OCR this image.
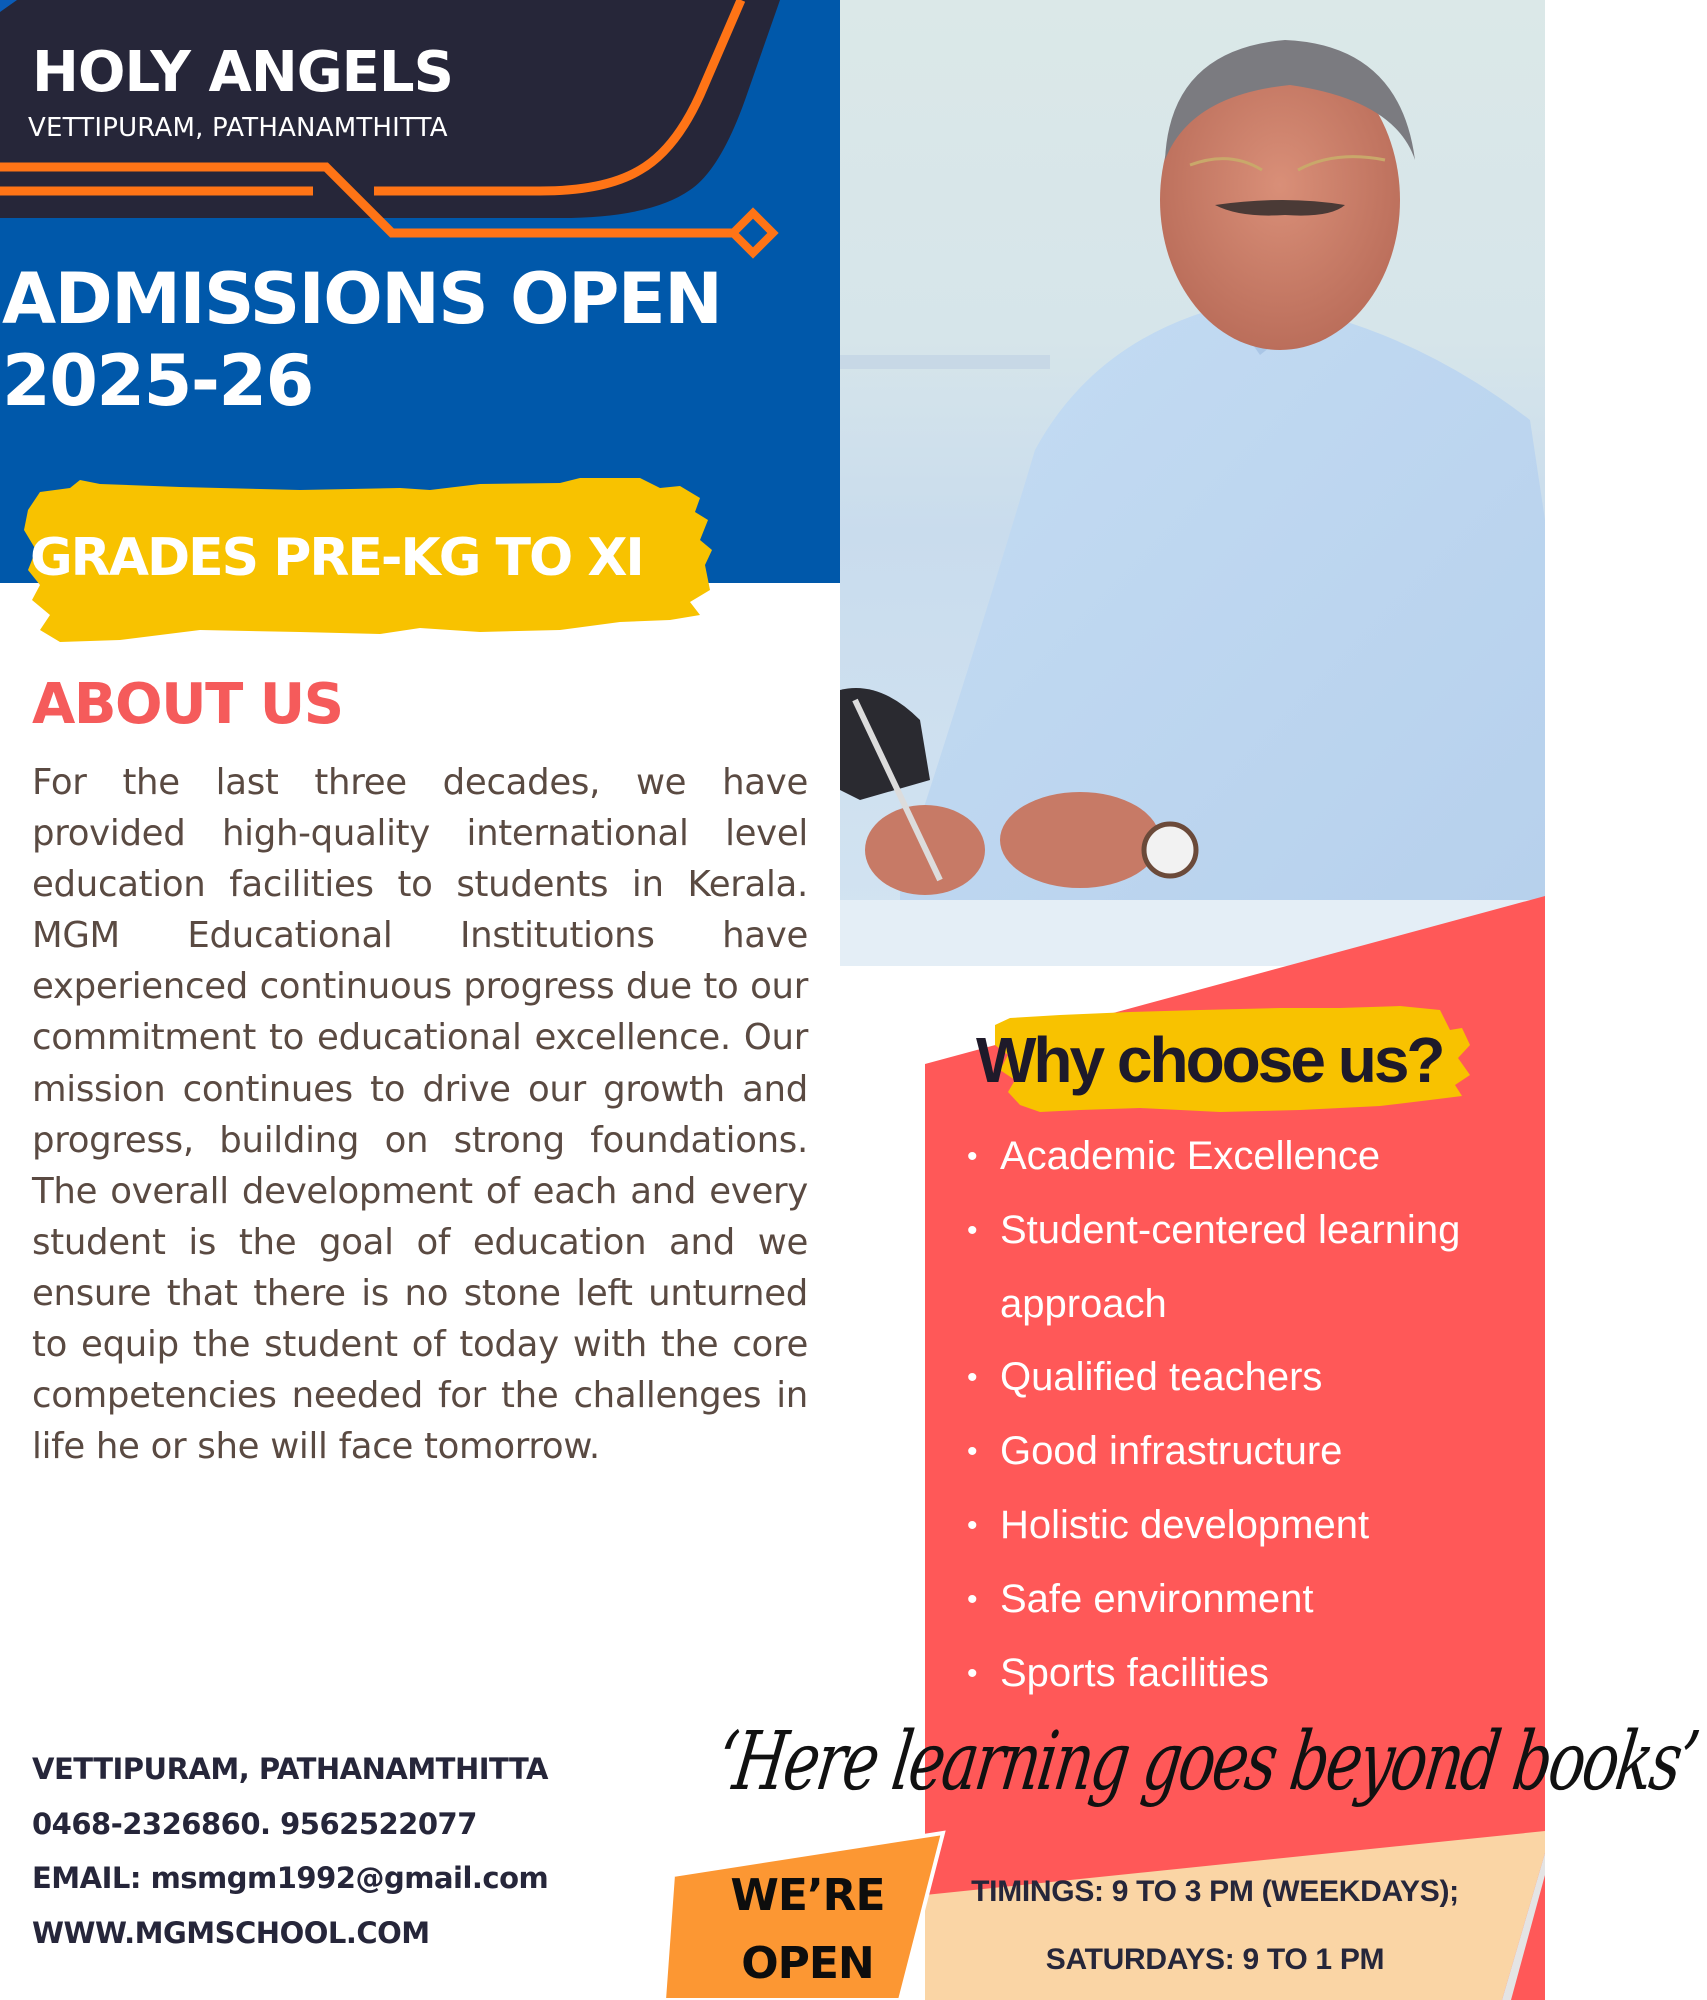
HOLY ANGELS
VETTIPURAM, PATHANAMTHITTA
ADMISSIONS OPEN
2025-26
GRADES PRE-KG TO XI
ABOUT US
For the last three decades, we have provided high-quality international level education facilities to students in Kerala. MGM Educational Institutions have experienced continuous progress due to our commitment to educational excellence. Our mission continues to drive our growth and progress, building on strong foundations. The overall development of each and every student is the goal of education and we ensure that there is no stone left unturned to equip the student of today with the core competencies needed for the challenges in life he or she will face tomorrow.
Why choose us?
• Academic Excellence
• Student-centered learning approach
• Qualified teachers
• Good infrastructure
• Holistic development
• Safe environment
• Sports facilities
VETTIPURAM, PATHANAMTHITTA
0468-2326860. 9562522077
EMAIL: msmgm1992@gmail.com
WWW.MGMSCHOOL.COM
‘Here learning goes beyond books’
WE’RE
OPEN
TIMINGS: 9 TO 3 PM (WEEKDAYS);
SATURDAYS: 9 TO 1 PM
